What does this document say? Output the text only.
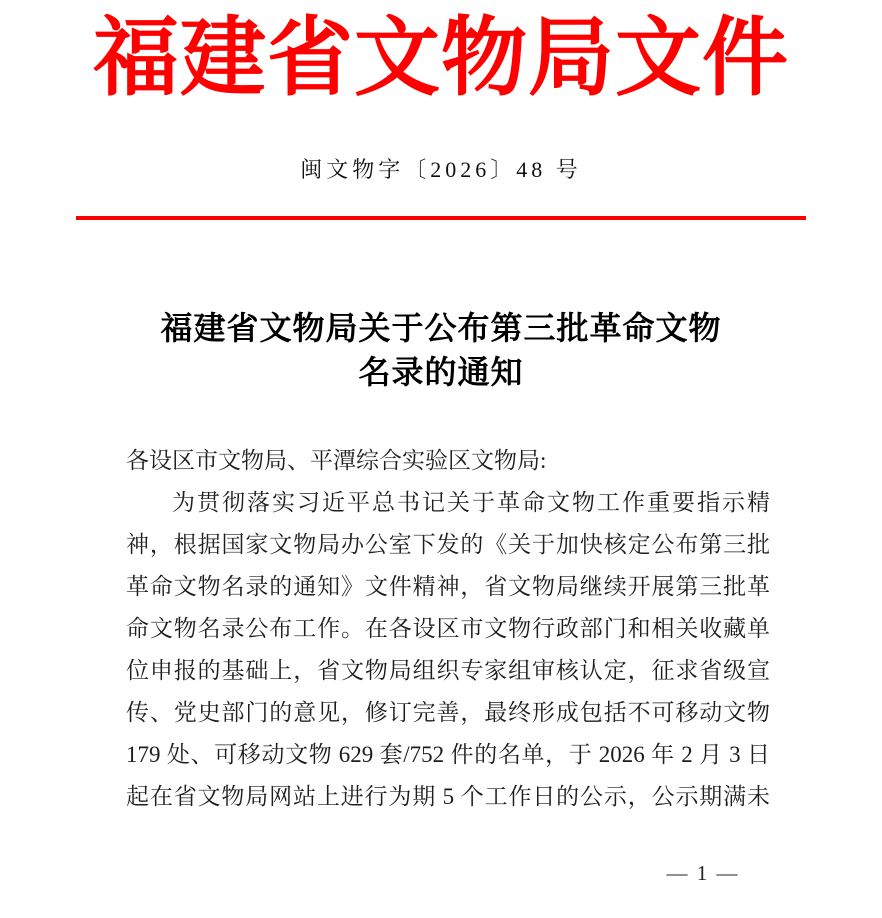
福建省文物局文件
闽文物字〔2026〕48 号
福建省文物局关于公布第三批革命文物
名录的通知
各设区市文物局、平潭综合实验区文物局:
为贯彻落实习近平总书记关于革命文物工作重要指示精
神，根据国家文物局办公室下发的《关于加快核定公布第三批
革命文物名录的通知》文件精神，省文物局继续开展第三批革
命文物名录公布工作。在各设区市文物行政部门和相关收藏单
位申报的基础上，省文物局组织专家组审核认定，征求省级宣
传、党史部门的意见，修订完善，最终形成包括不可移动文物
179 处、可移动文物 629 套/752 件的名单，于 2026 年 2 月 3 日
起在省文物局网站上进行为期 5 个工作日的公示，公示期满未
— 1 —
